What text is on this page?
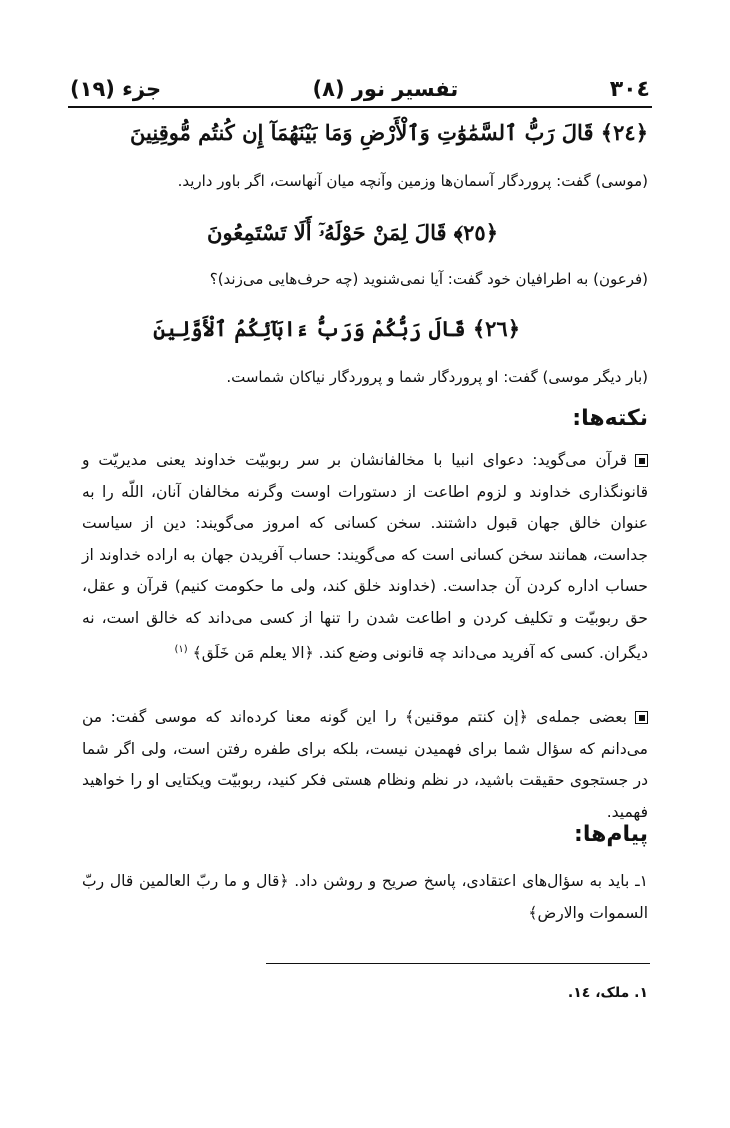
۳۰٤
تفسیر نور (۸)
جزء (۱۹)
﴿۲٤﴾ قَالَ رَبُّ ٱلسَّمَٰوَٰتِ وَٱلْأَرْضِ وَمَا بَيْنَهُمَآ إِن كُنتُم مُّوقِنِينَ
(موسی) گفت: پروردگار آسمان‌ها وزمین وآنچه میان آنهاست، اگر باور دارید.
﴿۲٥﴾ قَالَ لِمَنْ حَوْلَهُۥٓ أَلَا تَسْتَمِعُونَ
(فرعون) به اطرافیان خود گفت: آیا نمی‌شنوید (چه حرف‌هایی می‌زند)؟
﴿۲٦﴾ قَالَ رَبُّكُمْ وَرَبُّ ءَابَآئِكُمُ ٱلْأَوَّلِينَ
(بار دیگر موسی) گفت: او پروردگار شما و پروردگار نیاکان شماست.
نکته‌ها:
قرآن می‌گوید: دعوای انبیا با مخالفانشان بر سر ربوبیّت خداوند یعنی مدیریّت و قانونگذاری خداوند و لزوم اطاعت از دستورات اوست وگرنه مخالفان آنان، اللّه را به عنوان خالق جهان قبول داشتند. سخن کسانی که امروز می‌گویند: دین از سیاست جداست، همانند سخن کسانی است که می‌گویند: حساب آفریدن جهان به اراده خداوند از حساب اداره کردن آن جداست. (خداوند خلق کند، ولی ما حکومت کنیم) قرآن و عقل، حق ربوبیّت و تکلیف کردن و اطاعت شدن را تنها از کسی می‌داند که خالق است، نه دیگران. کسی که آفرید می‌داند چه قانونی وضع کند. ﴿الا یعلم مَن خَلَق﴾ $^{(۱)}$
بعضی جمله‌ی ﴿إن کنتم موقنین﴾ را این گونه معنا کرده‌اند که موسی گفت: من می‌دانم که سؤال شما برای فهمیدن نیست، بلکه برای طفره رفتن است، ولی اگر شما در جستجوی حقیقت باشید، در نظم ونظام هستی فکر کنید، ربوبیّت ویکتایی او را خواهید فهمید.
پیام‌ها:
۱ـ باید به سؤال‌های اعتقادی، پاسخ صریح و روشن داد. ﴿قال و ما ربّ العالمین قال ربّ السموات والارض﴾
۱. ملک، ۱٤.
